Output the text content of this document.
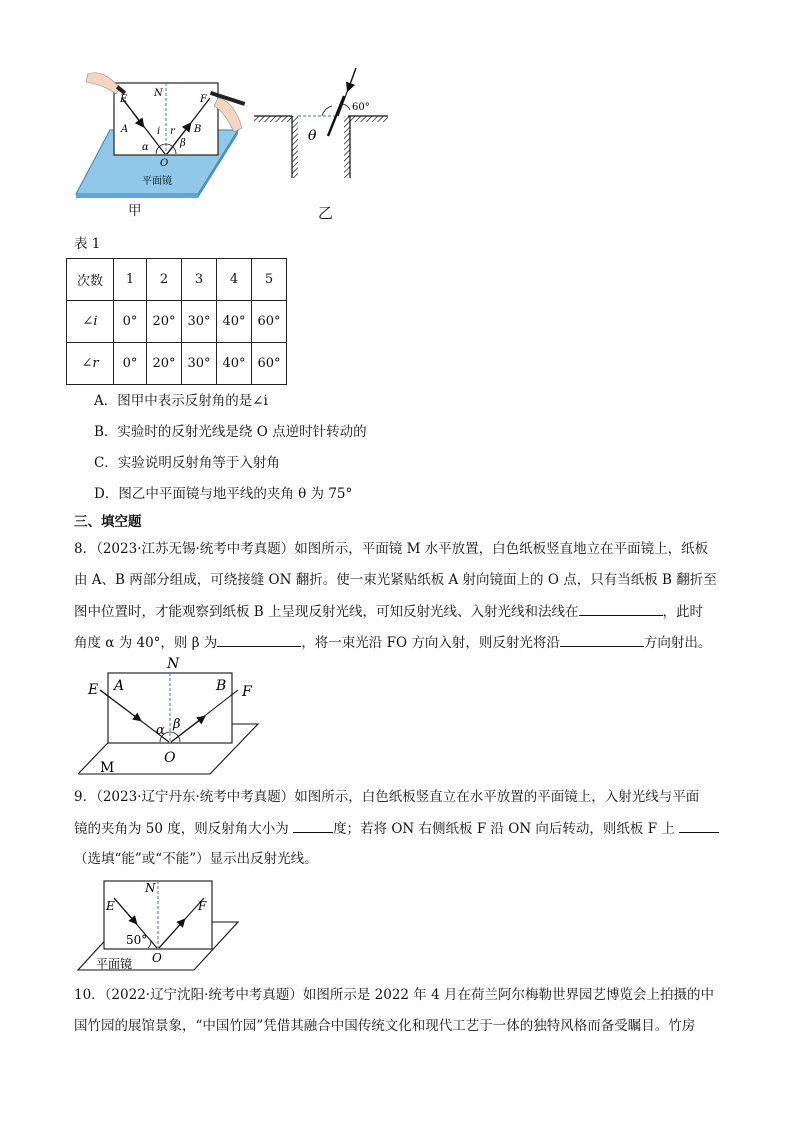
E
N
F
A	B
i r
α	β
O
平面镜
甲
60°
θ
乙
表 1
次数	1	2	3	4	5
∠i	0°	20°	30°	40°	60°
∠r	0°	20°	30°	40°	60°
A．图甲中表示反射角的是∠i
B．实验时的反射光线是绕 O 点逆时针转动的
C．实验说明反射角等于入射角
D．图乙中平面镜与地平线的夹角 θ 为 75°
三、填空题
8．（2023·江苏无锡·统考中考真题）如图所示，平面镜 M 水平放置，白色纸板竖直地立在平面镜上，纸板
由 A、B 两部分组成，可绕接缝 ON 翻折。使一束光紧贴纸板 A 射向镜面上的 O 点，只有当纸板 B 翻折至
图中位置时，才能观察到纸板 B 上呈现反射光线，可知反射光线、入射光线和法线在	，此时
角度 α 为 40°，则 β 为	，将一束光沿 FO 方向入射，则反射光将沿	方向射出。
N
E A	B F
α β
O
M
9．（2023·辽宁丹东·统考中考真题）如图所示，白色纸板竖直立在水平放置的平面镜上，入射光线与平面
镜的夹角为 50 度，则反射角大小为	度；若将 ON 右侧纸板 F 沿 ON 向后转动，则纸板 F 上
（选填“能”或“不能”）显示出反射光线。
N
E	F
50°
O
平面镜
10．（2022·辽宁沈阳·统考中考真题）如图所示是 2022 年 4 月在荷兰阿尔梅勒世界园艺博览会上拍摄的中
国竹园的展馆景象，“中国竹园”凭借其融合中国传统文化和现代工艺于一体的独特风格而备受瞩目。竹房
